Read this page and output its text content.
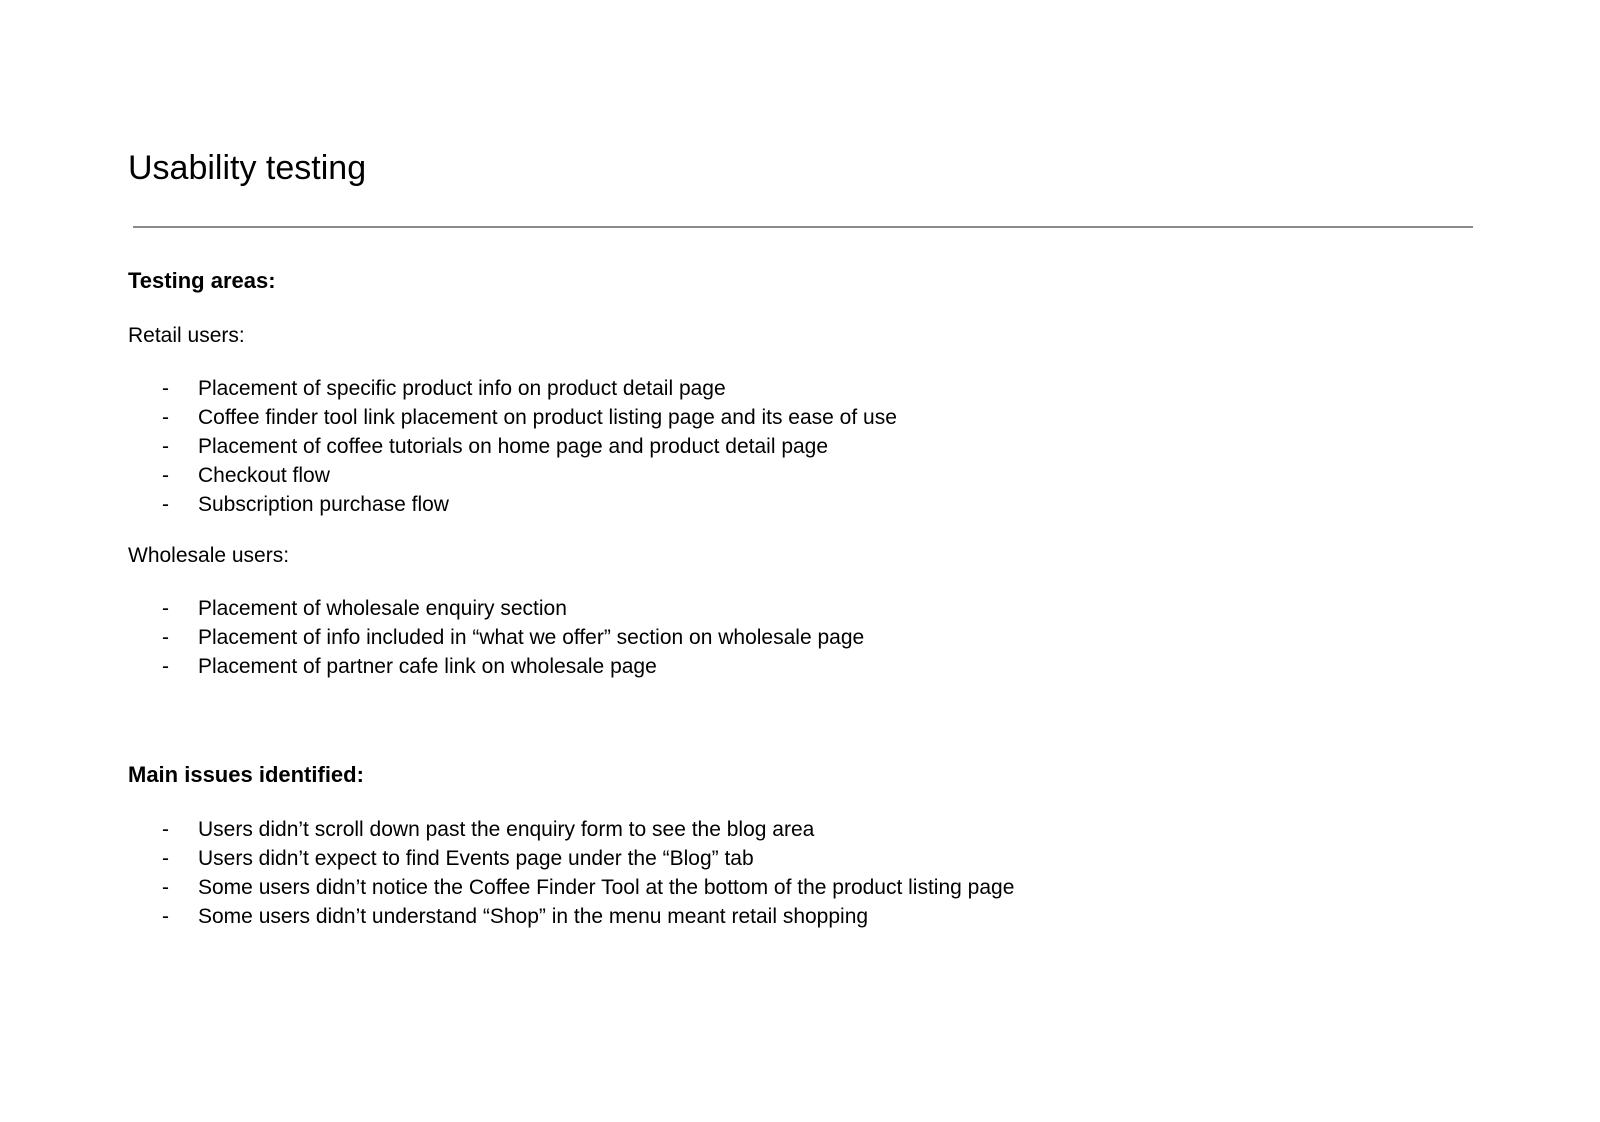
Usability testing
Testing areas:

Retail users:

- Placement of specific product info on product detail page
- Coffee finder tool link placement on product listing page and its ease of use
- Placement of coffee tutorials on home page and product detail page
- Checkout flow
- Subscription purchase flow

Wholesale users:

- Placement of wholesale enquiry section
- Placement of info included in “what we offer” section on wholesale page
- Placement of partner cafe link on wholesale page
Main issues identified:
- Users didn’t scroll down past the enquiry form to see the blog area
- Users didn’t expect to find Events page under the “Blog” tab
- Some users didn’t notice the Coffee Finder Tool at the bottom of the product listing page
- Some users didn’t understand “Shop” in the menu meant retail shopping
